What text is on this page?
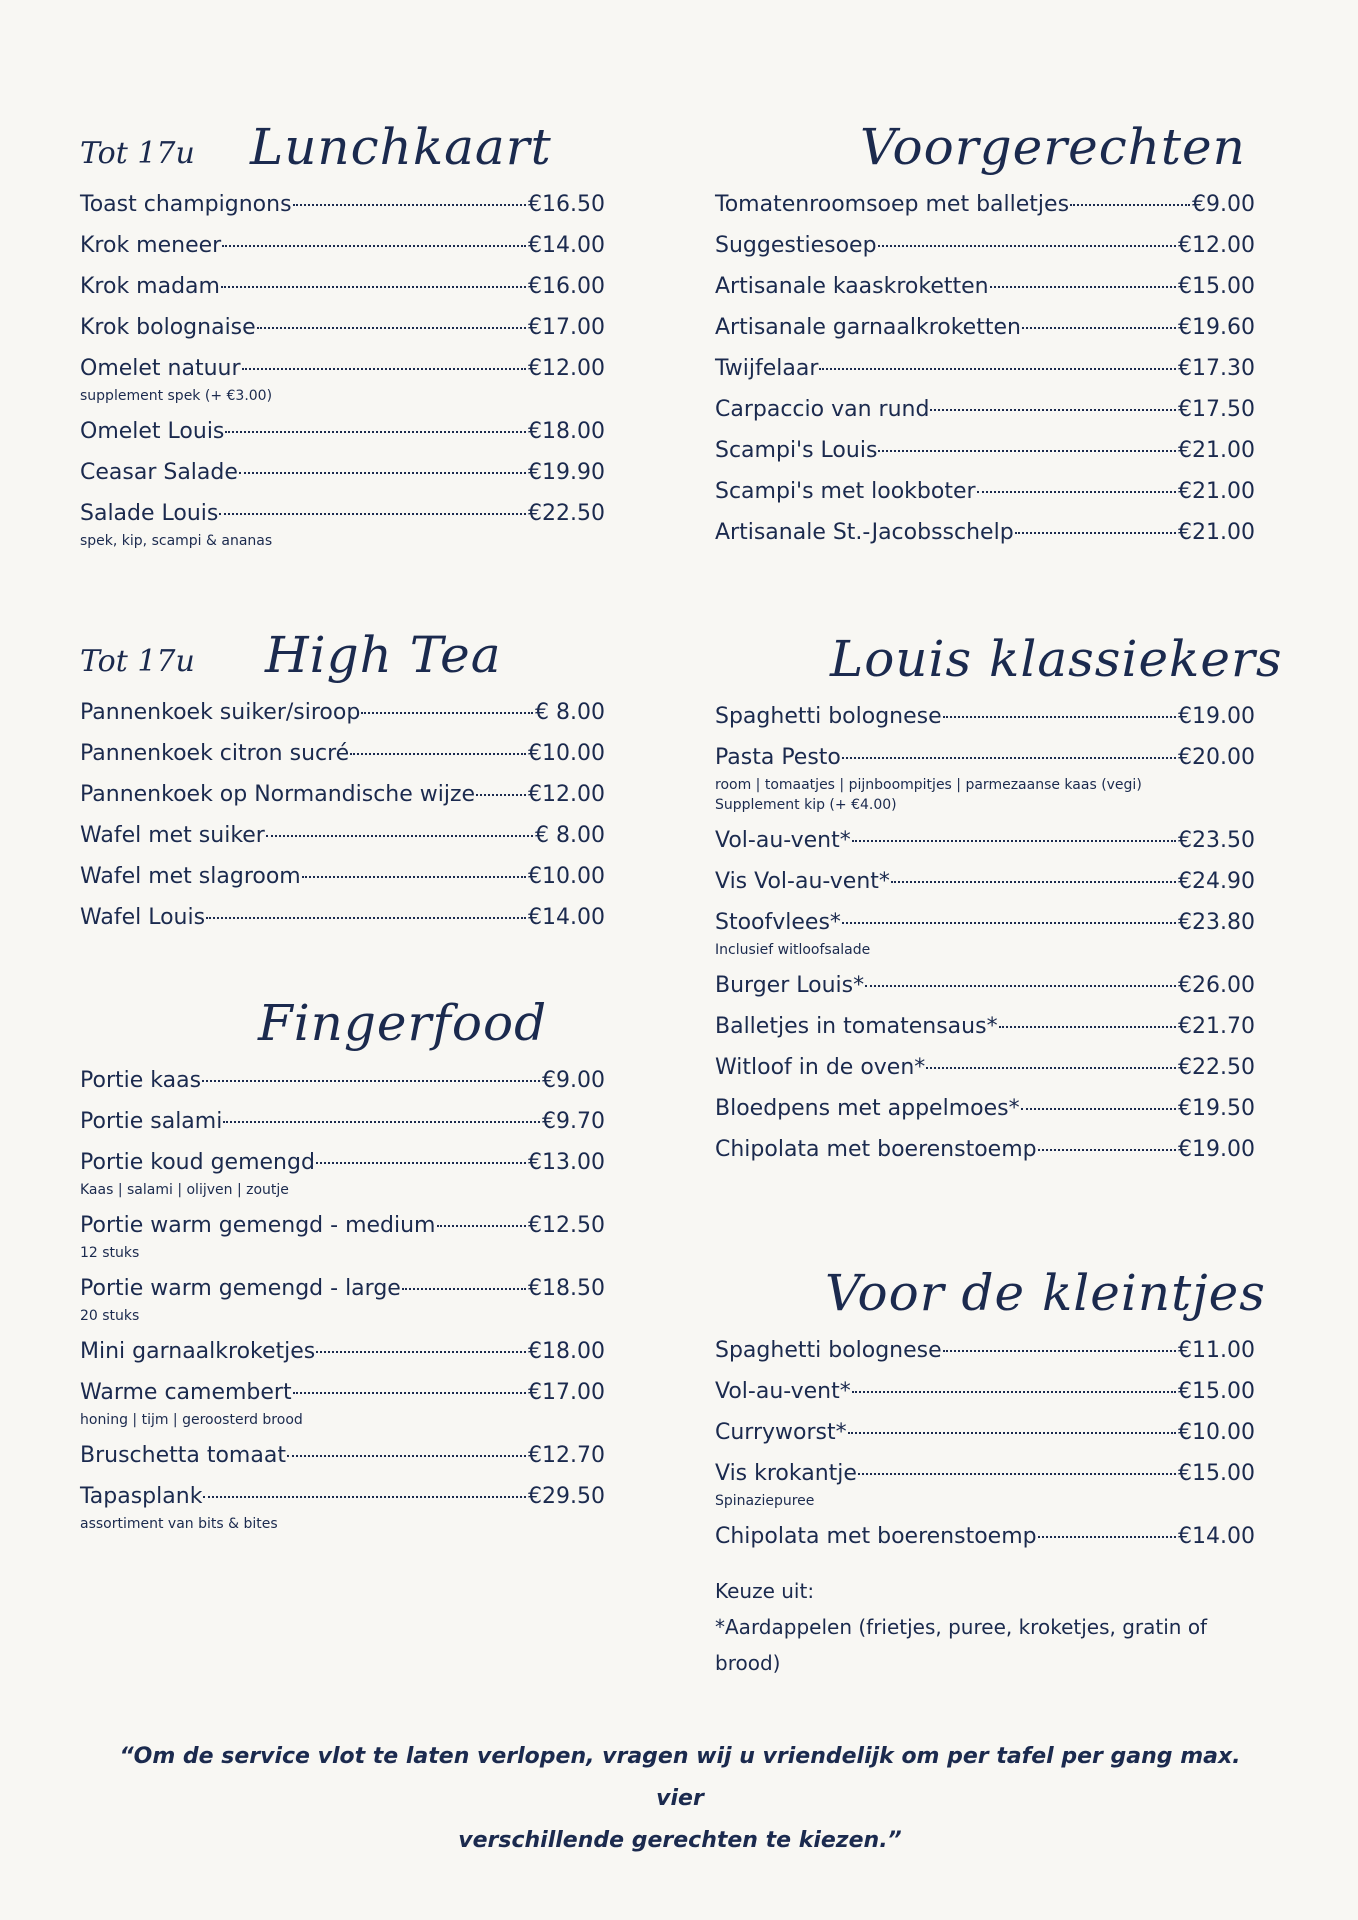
Tot 17u Lunchkaart
Toast champignons	€16.50
Krok meneer	€14.00
Krok madam	€16.00
Krok bolognaise	€17.00
Omelet natuur	€12.00
supplement spek (+ €3.00)
Omelet Louis	€18.00
Ceasar Salade	€19.90
Salade Louis	€22.50
spek, kip, scampi & ananas
Tot 17u High Tea
Pannenkoek suiker/siroop	€ 8.00
Pannenkoek citron sucré	€10.00
Pannenkoek op Normandische wijze €12.00
Wafel met suiker	€ 8.00
Wafel met slagroom	€10.00
Wafel Louis	€14.00
Fingerfood
Portie kaas	€9.00
Portie salami	€9.70
Portie koud gemengd	€13.00
Kaas | salami | olijven | zoutje
Portie warm gemengd - medium	€12.50
12 stuks
Portie warm gemengd - large	€18.50
20 stuks
Mini garnaalkroketjes	€18.00
Warme camembert	€17.00
honing | tijm | geroosterd brood
Bruschetta tomaat	€12.70
Tapasplank	€29.50
assortiment van bits & bites
Voorgerechten
Tomatenroomsoep met balletjes	€9.00
Suggestiesoep	€12.00
Artisanale kaaskroketten	€15.00
Artisanale garnaalkroketten	€19.60
Twijfelaar	€17.30
Carpaccio van rund	€17.50
Scampi's Louis	€21.00
Scampi's met lookboter	€21.00
Artisanale St.-Jacobsschelp	€21.00
Louis klassiekers
Spaghetti bolognese	€19.00
Pasta Pesto	€20.00
room | tomaatjes | pijnboompitjes | parmezaanse kaas (vegi)
Supplement kip (+ €4.00)
Vol-au-vent*	€23.50
Vis Vol-au-vent*	€24.90
Stoofvlees*	€23.80
Inclusief witloofsalade
Burger Louis*	€26.00
Balletjes in tomatensaus*	€21.70
Witloof in de oven*	€22.50
Bloedpens met appelmoes*	€19.50
Chipolata met boerenstoemp	€19.00
Voor de kleintjes
Spaghetti bolognese	€11.00
Vol-au-vent*	€15.00
Curryworst*	€10.00
Vis krokantje	€15.00
Spinaziepuree
Chipolata met boerenstoemp	€14.00
Keuze uit:
*Aardappelen (frietjes, puree, kroketjes, gratin of brood)
“Om de service vlot te laten verlopen, vragen wij u vriendelijk om per tafel per gang max. vier
verschillende gerechten te kiezen.”
